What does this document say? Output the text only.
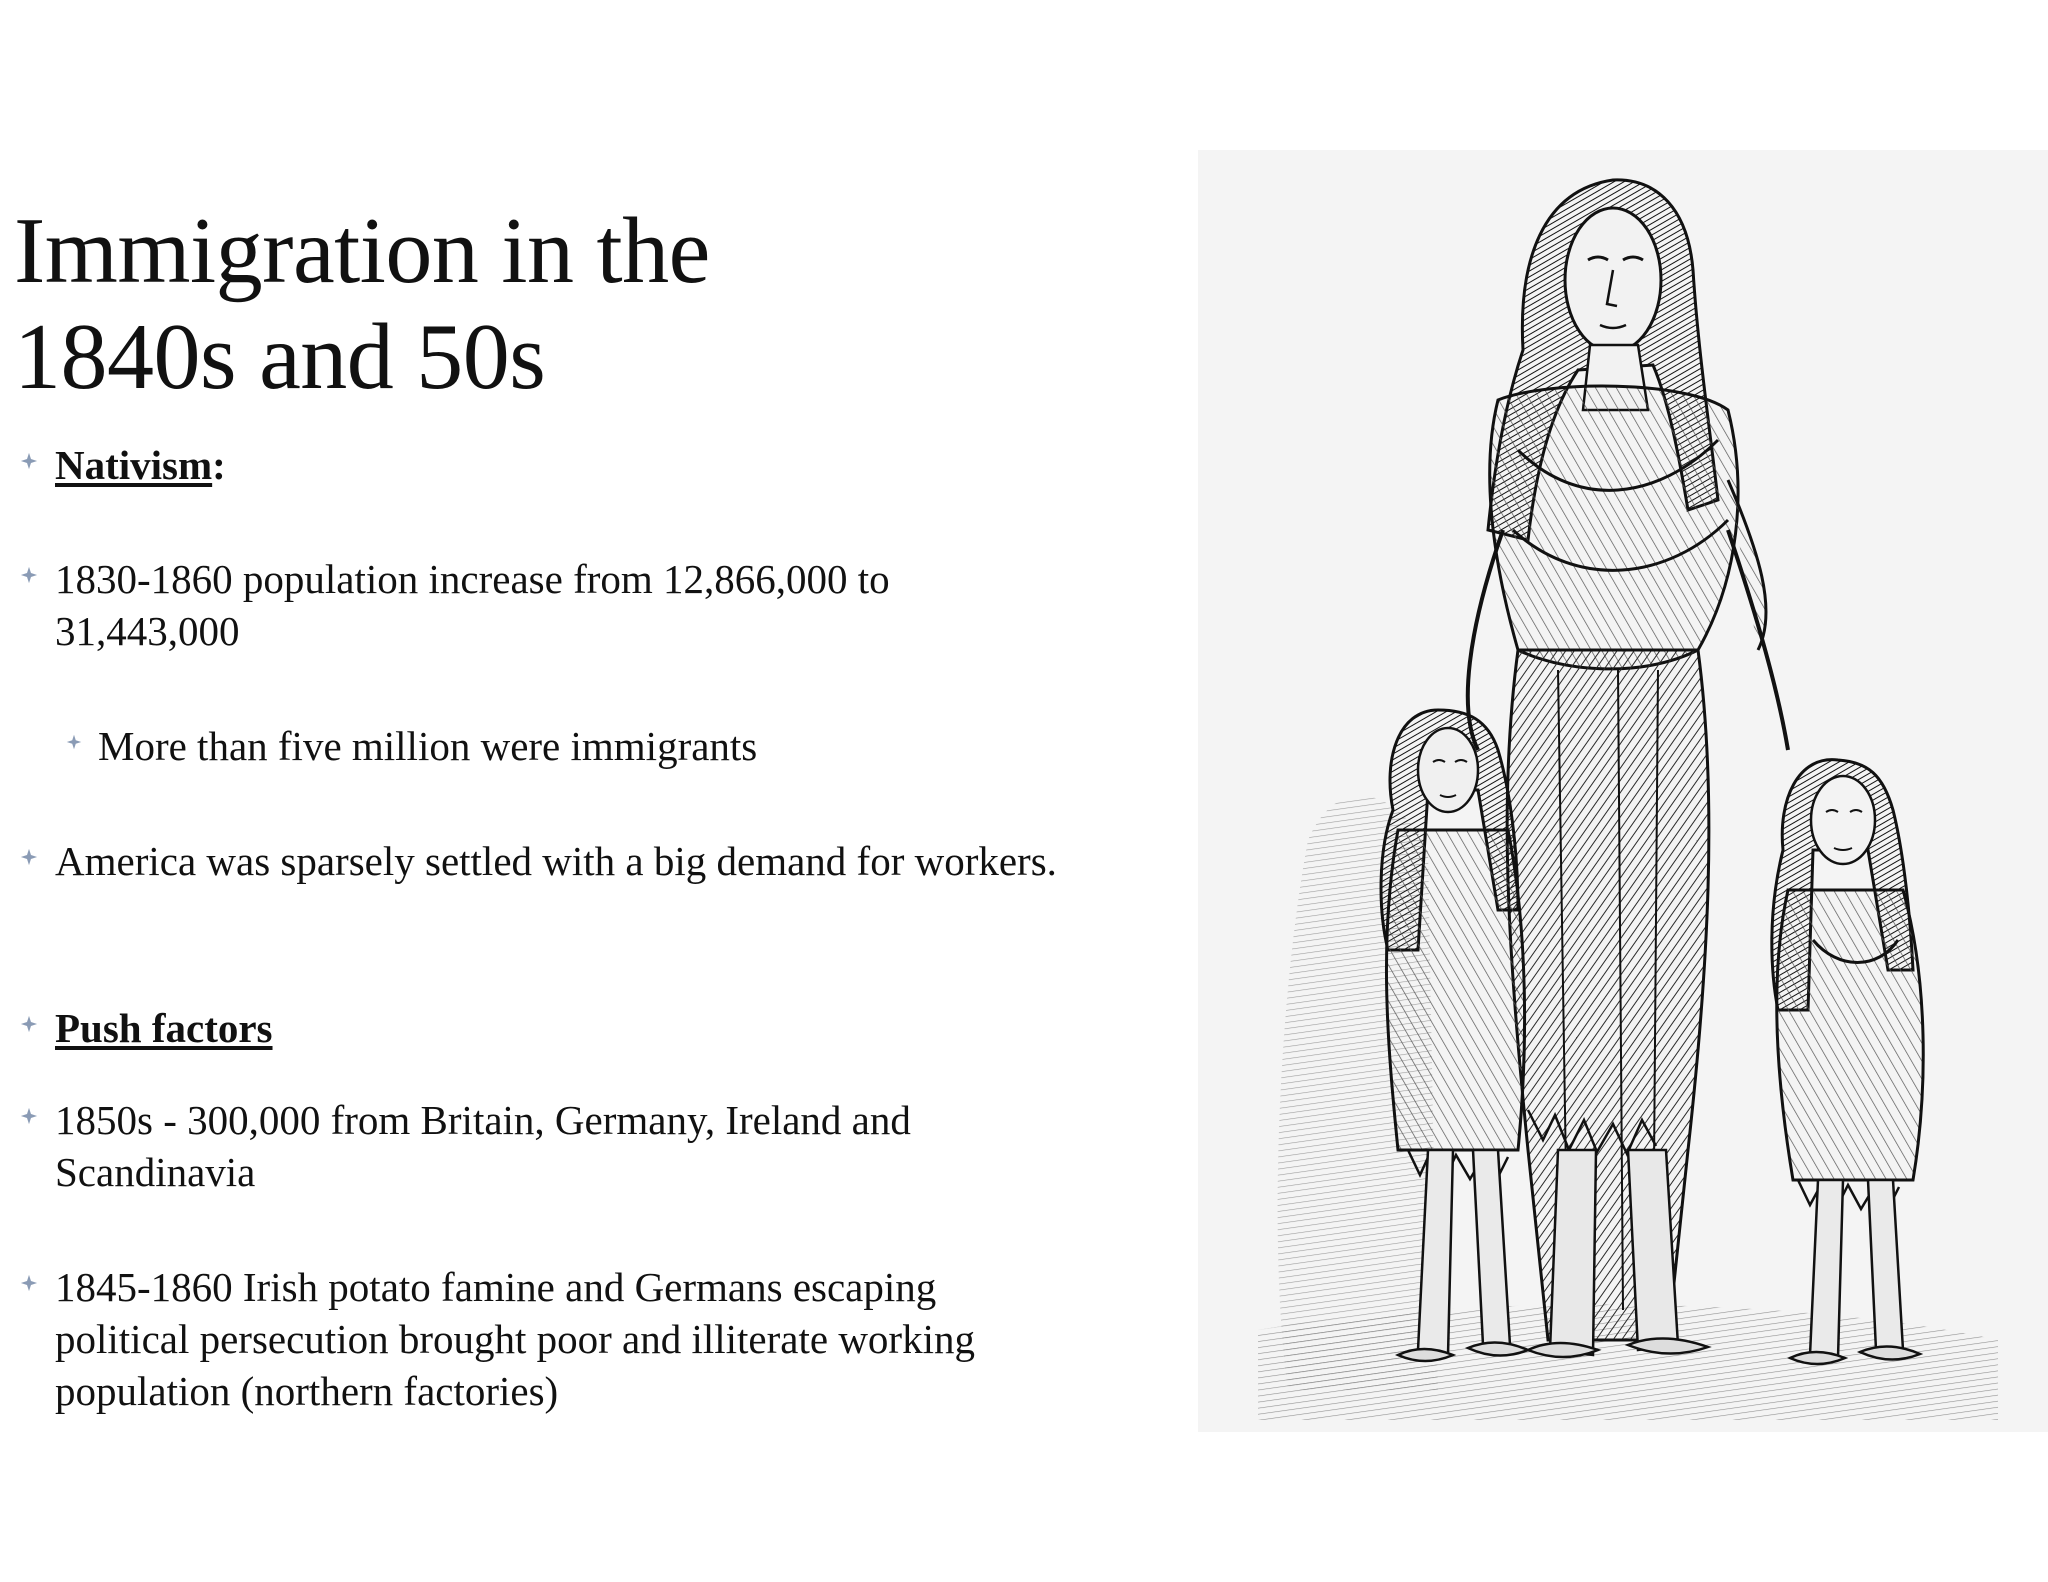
Immigration in the
1840s and 50s
Nativism:
1830-1860 population increase from 12,866,000 to 31,443,000
More than five million were immigrants
America was sparsely settled with a big demand for workers.
Push factors
1850s - 300,000 from Britain, Germany, Ireland and Scandinavia
1845-1860 Irish potato famine and Germans escaping political persecution brought poor and illiterate working population (northern factories)
